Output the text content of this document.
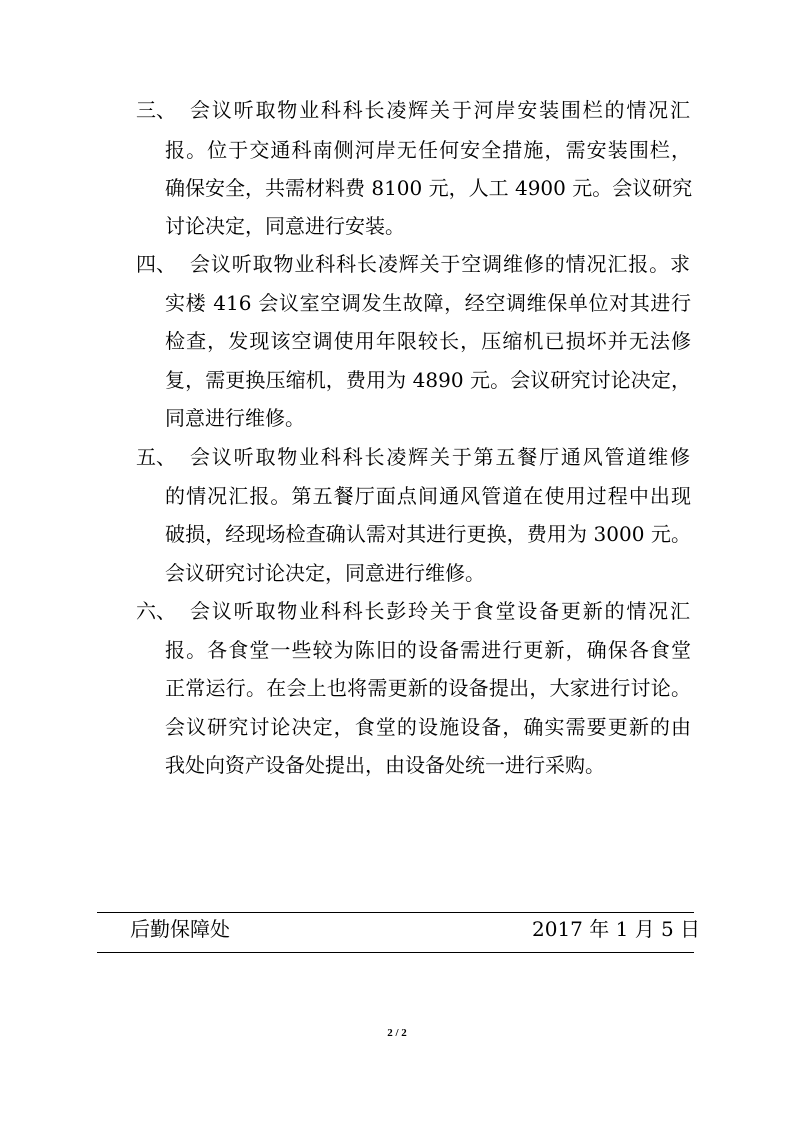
三、 会议听取物业科科长凌辉关于河岸安装围栏的情况汇
报。位于交通科南侧河岸无任何安全措施，需安装围栏，
确保安全，共需材料费 8100 元，人工 4900 元。会议研究
讨论决定，同意进行安装。
四、 会议听取物业科科长凌辉关于空调维修的情况汇报。求
实楼 416 会议室空调发生故障，经空调维保单位对其进行
检查，发现该空调使用年限较长，压缩机已损坏并无法修
复，需更换压缩机，费用为 4890 元。会议研究讨论决定，
同意进行维修。
五、 会议听取物业科科长凌辉关于第五餐厅通风管道维修
的情况汇报。第五餐厅面点间通风管道在使用过程中出现
破损，经现场检查确认需对其进行更换，费用为 3000 元。
会议研究讨论决定，同意进行维修。
六、 会议听取物业科科长彭玲关于食堂设备更新的情况汇
报。各食堂一些较为陈旧的设备需进行更新，确保各食堂
正常运行。在会上也将需更新的设备提出，大家进行讨论。
会议研究讨论决定，食堂的设施设备，确实需要更新的由
我处向资产设备处提出，由设备处统一进行采购。
后勤保障处	2017 年 1 月 5 日
2 / 2
